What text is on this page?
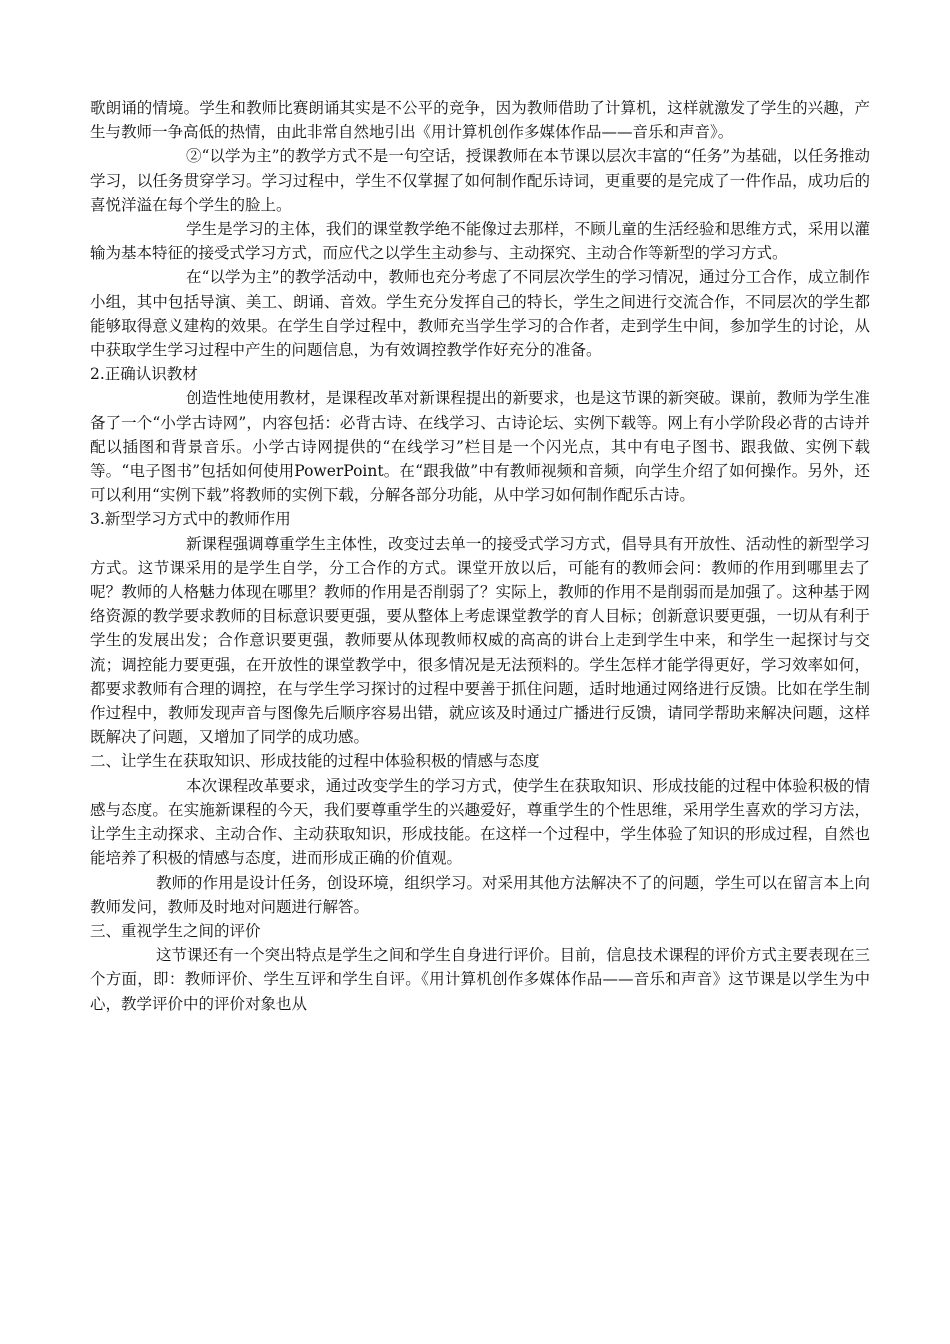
歌朗诵的情境。学生和教师比赛朗诵其实是不公平的竞争，因为教师借助了计算机，这样就激发了学生的兴趣，产生与教师一争高低的热情，由此非常自然地引出《用计算机创作多媒体作品——音乐和声音》。

②“以学为主”的教学方式不是一句空话，授课教师在本节课以层次丰富的“任务”为基础，以任务推动学习，以任务贯穿学习。学习过程中，学生不仅掌握了如何制作配乐诗词，更重要的是完成了一件作品，成功后的喜悦洋溢在每个学生的脸上。

学生是学习的主体，我们的课堂教学绝不能像过去那样，不顾儿童的生活经验和思维方式，采用以灌输为基本特征的接受式学习方式，而应代之以学生主动参与、主动探究、主动合作等新型的学习方式。

在“以学为主”的教学活动中，教师也充分考虑了不同层次学生的学习情况，通过分工合作，成立制作小组，其中包括导演、美工、朗诵、音效。学生充分发挥自己的特长，学生之间进行交流合作，不同层次的学生都能够取得意义建构的效果。在学生自学过程中，教师充当学生学习的合作者，走到学生中间，参加学生的讨论，从中获取学生学习过程中产生的问题信息，为有效调控教学作好充分的准备。

2.正确认识教材

创造性地使用教材，是课程改革对新课程提出的新要求，也是这节课的新突破。课前，教师为学生准备了一个“小学古诗网”，内容包括：必背古诗、在线学习、古诗论坛、实例下载等。网上有小学阶段必背的古诗并配以插图和背景音乐。小学古诗网提供的“在线学习”栏目是一个闪光点，其中有电子图书、跟我做、实例下载等。“电子图书”包括如何使用PowerPoint。在“跟我做”中有教师视频和音频，向学生介绍了如何操作。另外，还可以利用“实例下载”将教师的实例下载，分解各部分功能，从中学习如何制作配乐古诗。

3.新型学习方式中的教师作用

新课程强调尊重学生主体性，改变过去单一的接受式学习方式，倡导具有开放性、活动性的新型学习方式。这节课采用的是学生自学，分工合作的方式。课堂开放以后，可能有的教师会问：教师的作用到哪里去了呢？教师的人格魅力体现在哪里？教师的作用是否削弱了？实际上，教师的作用不是削弱而是加强了。这种基于网络资源的教学要求教师的目标意识要更强，要从整体上考虑课堂教学的育人目标；创新意识要更强，一切从有利于学生的发展出发；合作意识要更强，教师要从体现教师权威的高高的讲台上走到学生中来，和学生一起探讨与交流；调控能力要更强，在开放性的课堂教学中，很多情况是无法预料的。学生怎样才能学得更好，学习效率如何，都要求教师有合理的调控，在与学生学习探讨的过程中要善于抓住问题，适时地通过网络进行反馈。比如在学生制作过程中，教师发现声音与图像先后顺序容易出错，就应该及时通过广播进行反馈，请同学帮助来解决问题，这样既解决了问题，又增加了同学的成功感。

二、让学生在获取知识、形成技能的过程中体验积极的情感与态度

本次课程改革要求，通过改变学生的学习方式，使学生在获取知识、形成技能的过程中体验积极的情感与态度。在实施新课程的今天，我们要尊重学生的兴趣爱好，尊重学生的个性思维，采用学生喜欢的学习方法，让学生主动探求、主动合作、主动获取知识，形成技能。在这样一个过程中，学生体验了知识的形成过程，自然也能培养了积极的情感与态度，进而形成正确的价值观。

教师的作用是设计任务，创设环境，组织学习。对采用其他方法解决不了的问题，学生可以在留言本上向教师发问，教师及时地对问题进行解答。

三、重视学生之间的评价

这节课还有一个突出特点是学生之间和学生自身进行评价。目前，信息技术课程的评价方式主要表现在三个方面，即：教师评价、学生互评和学生自评。《用计算机创作多媒体作品——音乐和声音》这节课是以学生为中心，教学评价中的评价对象也从
